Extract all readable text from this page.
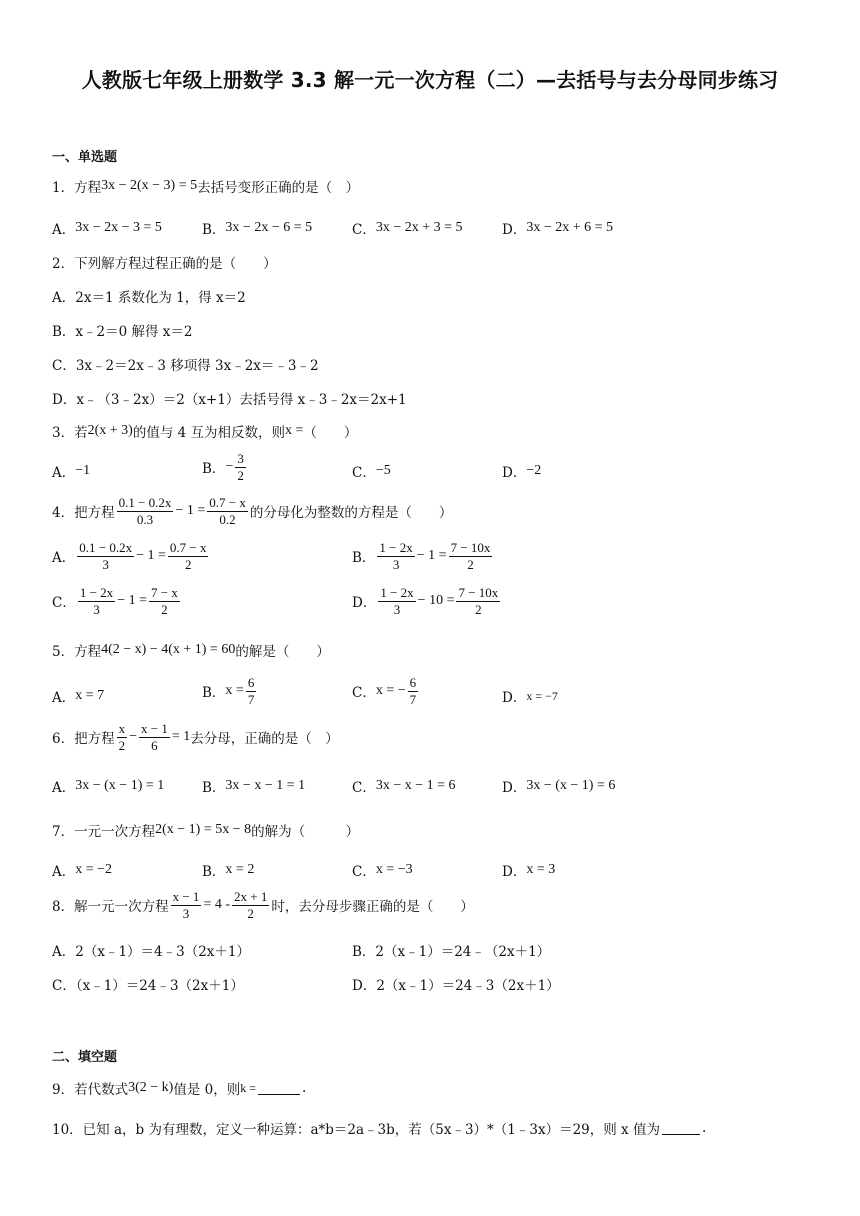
人教版七年级上册数学 3.3 解一元一次方程（二）—去括号与去分母同步练习
一、单选题
1．方程 3x − 2(x − 3) = 5 去括号变形正确的是（　）
A． 3x − 2x − 3 = 5	B． 3x − 2x − 6 = 5	C． 3x − 2x + 3 = 5	D． 3x − 2x + 6 = 5
2．下列解方程过程正确的是（　　）
A．2x＝1 系数化为 1，得 x＝2
B．x﹣2＝0 解得 x＝2
C．3x﹣2＝2x﹣3 移项得 3x﹣2x＝﹣3﹣2
D．x﹣（3﹣2x）＝2（x+1）去括号得 x﹣3﹣2x＝2x+1
3．若 2(x + 3) 的值与 4 互为相反数，则 x = （　　）
A． −1	B． − $\frac{3}{2}$	C． −5	D． −2
4．把方程 $\frac{0.1 - 0.2x}{0.3} - 1 = \frac{0.7 - x}{0.2}$ 的分母化为整数的方程是（　　）
A． $\frac{0.1 - 0.2x}{3} - 1 = \frac{0.7 - x}{2}$	B． $\frac{1 - 2x}{3} - 1 = \frac{7 - 10x}{2}$
C． $\frac{1 - 2x}{3} - 1 = \frac{7 - x}{2}$	D． $\frac{1 - 2x}{3} - 10 = \frac{7 - 10x}{2}$
5．方程 4(2 − x) − 4(x + 1) = 60 的解是（　　）
A． x = 7	B． $x = \frac{6}{7}$	C． x = − $\frac{6}{7}$	D． x = −7
6．把方程 $\frac{x}{2} - \frac{x - 1}{6} = 1$ 去分母，正确的是（　）
A． 3x − (x − 1) = 1	B． 3x − x − 1 = 1	C． 3x − x − 1 = 6	D． 3x − (x − 1) = 6
7．一元一次方程 2(x − 1) = 5x − 8 的解为（　　　）
A． x = −2	B． x = 2	C． x = −3	D． x = 3
8．解一元一次方程 $\frac{x - 1}{3} = 4 - \frac{2x + 1}{2}$ 时，去分母步骤正确的是（　　）
A．2（x﹣1）＝4﹣3（2x＋1）	B．2（x﹣1）＝24﹣（2x＋1）
C．（x﹣1）＝24﹣3（2x＋1）	D．2（x﹣1）＝24﹣3（2x＋1）
二、填空题
9．若代数式 3(2 − k) 值是 0，则 k =	.
10．已知 a，b 为有理数，定义一种运算：a*b＝2a﹣3b，若（5x﹣3）*（1﹣3x）＝29，则 x 值为	.
